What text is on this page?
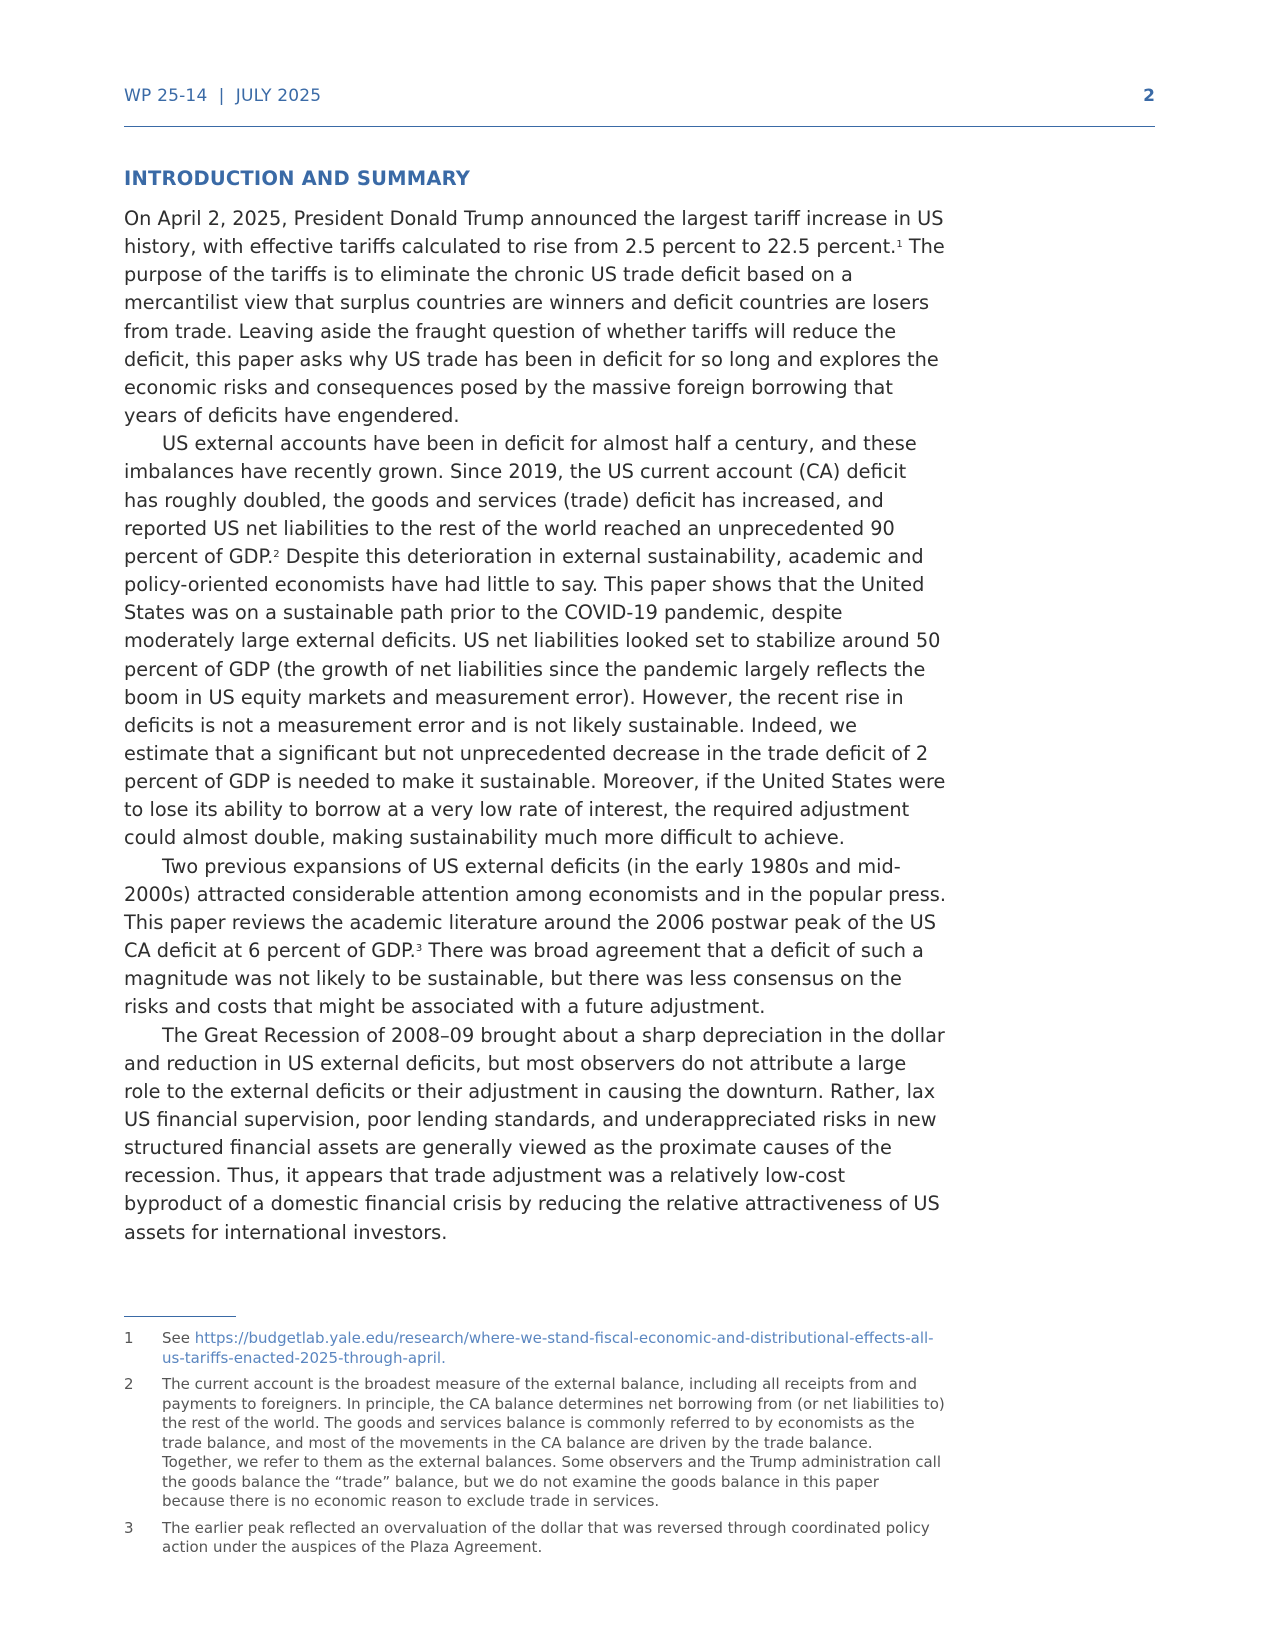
WP 25-14  |  JULY 2025	2
INTRODUCTION AND SUMMARY

On April 2, 2025, President Donald Trump announced the largest tariff increase in US history, with effective tariffs calculated to rise from 2.5 percent to 22.5 percent.$^1$ The purpose of the tariffs is to eliminate the chronic US trade deficit based on a mercantilist view that surplus countries are winners and deficit countries are losers from trade. Leaving aside the fraught question of whether tariffs will reduce the deficit, this paper asks why US trade has been in deficit for so long and explores the economic risks and consequences posed by the massive foreign borrowing that years of deficits have engendered.

US external accounts have been in deficit for almost half a century, and these imbalances have recently grown. Since 2019, the US current account (CA) deficit has roughly doubled, the goods and services (trade) deficit has increased, and reported US net liabilities to the rest of the world reached an unprecedented 90 percent of GDP.$^2$ Despite this deterioration in external sustainability, academic and policy-oriented economists have had little to say. This paper shows that the United States was on a sustainable path prior to the COVID-19 pandemic, despite moderately large external deficits. US net liabilities looked set to stabilize around 50 percent of GDP (the growth of net liabilities since the pandemic largely reflects the boom in US equity markets and measurement error). However, the recent rise in deficits is not a measurement error and is not likely sustainable. Indeed, we estimate that a significant but not unprecedented decrease in the trade deficit of 2 percent of GDP is needed to make it sustainable. Moreover, if the United States were to lose its ability to borrow at a very low rate of interest, the required adjustment could almost double, making sustainability much more difficult to achieve.

Two previous expansions of US external deficits (in the early 1980s and mid-2000s) attracted considerable attention among economists and in the popular press. This paper reviews the academic literature around the 2006 postwar peak of the US CA deficit at 6 percent of GDP.$^3$ There was broad agreement that a deficit of such a magnitude was not likely to be sustainable, but there was less consensus on the risks and costs that might be associated with a future adjustment.

The Great Recession of 2008–09 brought about a sharp depreciation in the dollar and reduction in US external deficits, but most observers do not attribute a large role to the external deficits or their adjustment in causing the downturn. Rather, lax US financial supervision, poor lending standards, and underappreciated risks in new structured financial assets are generally viewed as the proximate causes of the recession. Thus, it appears that trade adjustment was a relatively low-cost byproduct of a domestic financial crisis by reducing the relative attractiveness of US assets for international investors.

1 See https://budgetlab.yale.edu/research/where-we-stand-fiscal-economic-and-distributional-effects-all-us-tariffs-enacted-2025-through-april.
2 The current account is the broadest measure of the external balance, including all receipts from and payments to foreigners. In principle, the CA balance determines net borrowing from (or net liabilities to) the rest of the world. The goods and services balance is commonly referred to by economists as the trade balance, and most of the movements in the CA balance are driven by the trade balance. Together, we refer to them as the external balances. Some observers and the Trump administration call the goods balance the “trade” balance, but we do not examine the goods balance in this paper because there is no economic reason to exclude trade in services.
3 The earlier peak reflected an overvaluation of the dollar that was reversed through coordinated policy action under the auspices of the Plaza Agreement.
